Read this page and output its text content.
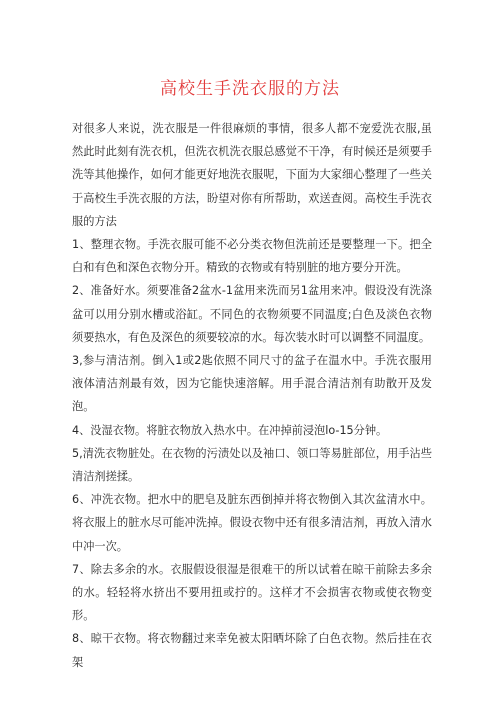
高校生手洗衣服的方法

对很多人来说，洗衣服是一件很麻烦的事情，很多人都不宠爱洗衣服,虽然此时此刻有洗衣机，但洗衣机洗衣服总感觉不干净，有时候还是须要手洗等其他操作，如何才能更好地洗衣服呢，下面为大家细心整理了一些关于高校生手洗衣服的方法，盼望对你有所帮助，欢送查阅。高校生手洗衣服的方法

1、整理衣物。手洗衣服可能不必分类衣物但洗前还是要整理一下。把全白和有色和深色衣物分开。精致的衣物或有特别脏的地方要分开洗。

2、准备好水。须要准备2盆水-1盆用来洗而另1盆用来冲。假设没有洗涤盆可以用分别水槽或浴缸。不同色的衣物须要不同温度;白色及淡色衣物须要热水，有色及深色的须要较凉的水。每次装水时可以调整不同温度。

3,参与清洁剂。倒入1或2匙依照不同尺寸的盆子在温水中。手洗衣服用液体清洁剂最有效，因为它能快速溶解。用手混合清洁剂有助散开及发泡。

4、没湿衣物。将脏衣物放入热水中。在冲掉前浸泡lo-15分钟。

5,清洗衣物脏处。在衣物的污渍处以及袖口、领口等易脏部位，用手沾些清洁剂搓揉。

6、冲洗衣物。把水中的肥皂及脏东西倒掉并将衣物倒入其次盆清水中。将衣服上的脏水尽可能冲洗掉。假设衣物中还有很多清洁剂，再放入清水中冲一次。

7、除去多余的水。衣服假设很湿是很难干的所以试着在晾干前除去多余的水。轻轻将水挤出不要用扭或拧的。这样才不会损害衣物或使衣物变形。

8、晾干衣物。将衣物翻过来幸免被太阳晒坏除了白色衣物。然后挂在衣架
